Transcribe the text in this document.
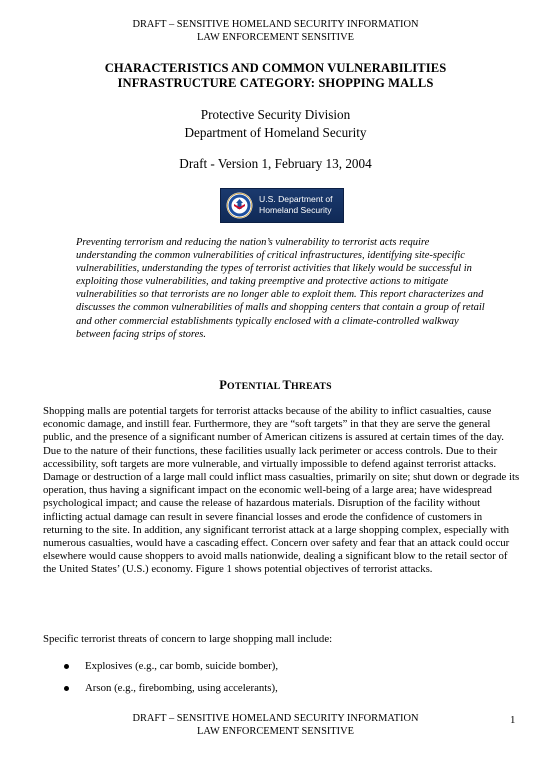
DRAFT – SENSITIVE HOMELAND SECURITY INFORMATION
LAW ENFORCEMENT SENSITIVE
CHARACTERISTICS AND COMMON VULNERABILITIES
INFRASTRUCTURE CATEGORY: SHOPPING MALLS
Protective Security Division
Department of Homeland Security
Draft - Version 1, February 13, 2004
U.S. Department of
Homeland Security
Preventing terrorism and reducing the nation’s vulnerability to terrorist acts require understanding the common vulnerabilities of critical infrastructures, identifying site-specific vulnerabilities, understanding the types of terrorist activities that likely would be successful in exploiting those vulnerabilities, and taking preemptive and protective actions to mitigate vulnerabilities so that terrorists are no longer able to exploit them. This report characterizes and discusses the common vulnerabilities of malls and shopping centers that contain a group of retail and other commercial establishments typically enclosed with a climate-controlled walkway between facing strips of stores.
POTENTIAL THREATS
Shopping malls are potential targets for terrorist attacks because of the ability to inflict casualties, cause economic damage, and instill fear. Furthermore, they are “soft targets” in that they are serve the general public, and the presence of a significant number of American citizens is assured at certain times of the day. Due to the nature of their functions, these facilities usually lack perimeter or access controls. Due to their accessibility, soft targets are more vulnerable, and virtually impossible to defend against terrorist attacks. Damage or destruction of a large mall could inflict mass casualties, primarily on site; shut down or degrade its operation, thus having a significant impact on the economic well-being of a large area; have widespread psychological impact; and cause the release of hazardous materials. Disruption of the facility without inflicting actual damage can result in severe financial losses and erode the confidence of customers in returning to the site. In addition, any significant terrorist attack at a large shopping complex, especially with numerous casualties, would have a cascading effect. Concern over safety and fear that an attack could occur elsewhere would cause shoppers to avoid malls nationwide, dealing a significant blow to the retail sector of the United States’ (U.S.) economy. Figure 1 shows potential objectives of terrorist attacks.
Specific terrorist threats of concern to large shopping mall include:
Explosives (e.g., car bomb, suicide bomber),
Arson (e.g., firebombing, using accelerants),
DRAFT – SENSITIVE HOMELAND SECURITY INFORMATION
LAW ENFORCEMENT SENSITIVE
1
